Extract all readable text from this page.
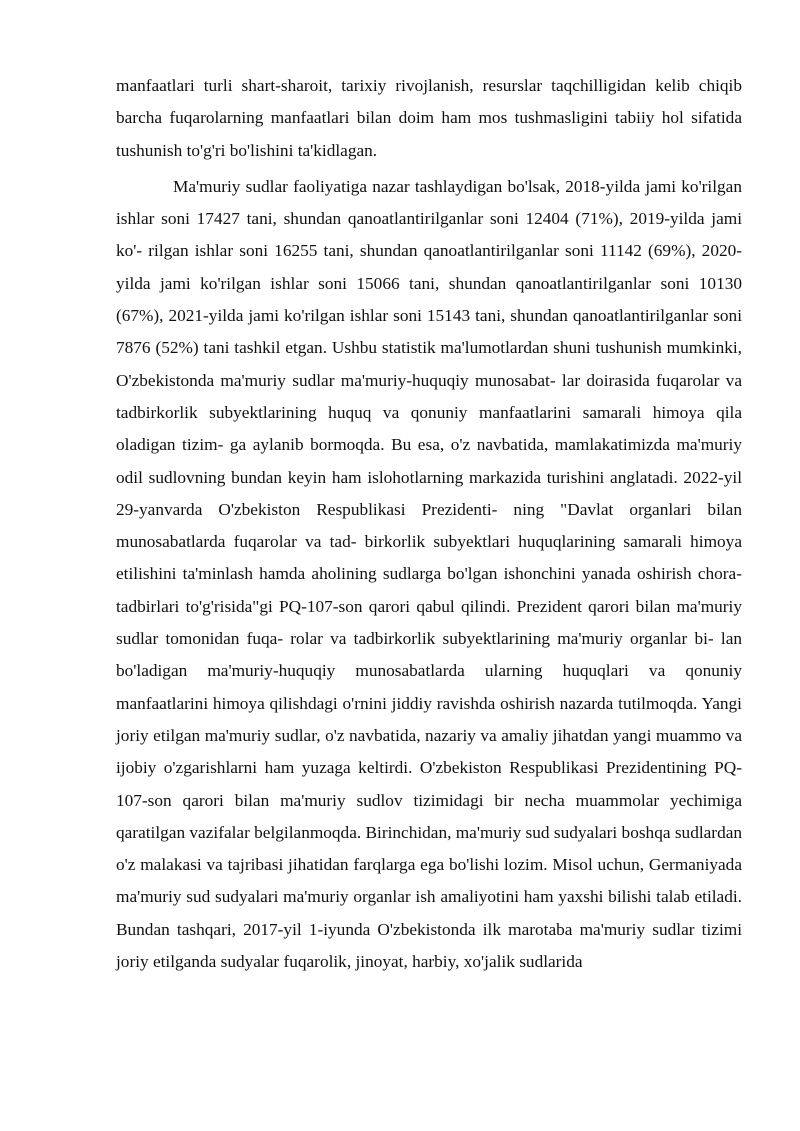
manfaatlari turli shart-sharoit, tarixiy rivojlanish, resurslar taqchilligidan kelib chiqib barcha fuqarolarning manfaatlari bilan doim ham mos tushmasligini tabiiy hol sifatida tushunish to'g'ri bo'lishini ta'kidlagan.

Ma'muriy sudlar faoliyatiga nazar tashlaydigan bo'lsak, 2018-yilda jami ko'rilgan ishlar soni 17427 tani, shundan qanoatlantirilganlar soni 12404 (71%), 2019-yilda jami ko'- rilgan ishlar soni 16255 tani, shundan qanoatlantirilganlar soni 11142 (69%), 2020-yilda jami ko'rilgan ishlar soni 15066 tani, shundan qanoatlantirilganlar soni 10130 (67%), 2021-yilda jami ko'rilgan ishlar soni 15143 tani, shundan qanoatlantirilganlar soni 7876 (52%) tani tashkil etgan. Ushbu statistik ma'lumotlardan shuni tushunish mumkinki, O'zbekistonda ma'muriy sudlar ma'muriy-huquqiy munosabat- lar doirasida fuqarolar va tadbirkorlik subyektlarining huquq va qonuniy manfaatlarini samarali himoya qila oladigan tizim- ga aylanib bormoqda. Bu esa, o'z navbatida, mamlakatimizda ma'muriy odil sudlovning bundan keyin ham islohotlarning markazida turishini anglatadi. 2022-yil 29-yanvarda O'zbekiston Respublikasi Prezidenti- ning "Davlat organlari bilan munosabatlarda fuqarolar va tad- birkorlik subyektlari huquqlarining samarali himoya etilishini ta'minlash hamda aholining sudlarga bo'lgan ishonchini yanada oshirish chora-tadbirlari to'g'risida"gi PQ-107-son qarori qabul qilindi. Prezident qarori bilan ma'muriy sudlar tomonidan fuqa- rolar va tadbirkorlik subyektlarining ma'muriy organlar bi- lan bo'ladigan ma'muriy-huquqiy munosabatlarda ularning huquqlari va qonuniy manfaatlarini himoya qilishdagi o'rnini jiddiy ravishda oshirish nazarda tutilmoqda. Yangi joriy etilgan ma'muriy sudlar, o'z navbatida, nazariy va amaliy jihatdan yangi muammo va ijobiy o'zgarishlarni ham yuzaga keltirdi. O'zbekiston Respublikasi Prezidentining PQ-107-son qarori bilan ma'muriy sudlov tizimidagi bir necha muammolar yechimiga qaratilgan vazifalar belgilanmoqda. Birinchidan, ma'muriy sud sudyalari boshqa sudlardan o'z malakasi va tajribasi jihatidan farqlarga ega bo'lishi lozim. Misol uchun, Germaniyada ma'muriy sud sudyalari ma'muriy organlar ish amaliyotini ham yaxshi bilishi talab etiladi. Bundan tashqari, 2017-yil 1-iyunda O'zbekistonda ilk marotaba ma'muriy sudlar tizimi joriy etilganda sudyalar fuqarolik, jinoyat, harbiy, xo'jalik sudlarida
